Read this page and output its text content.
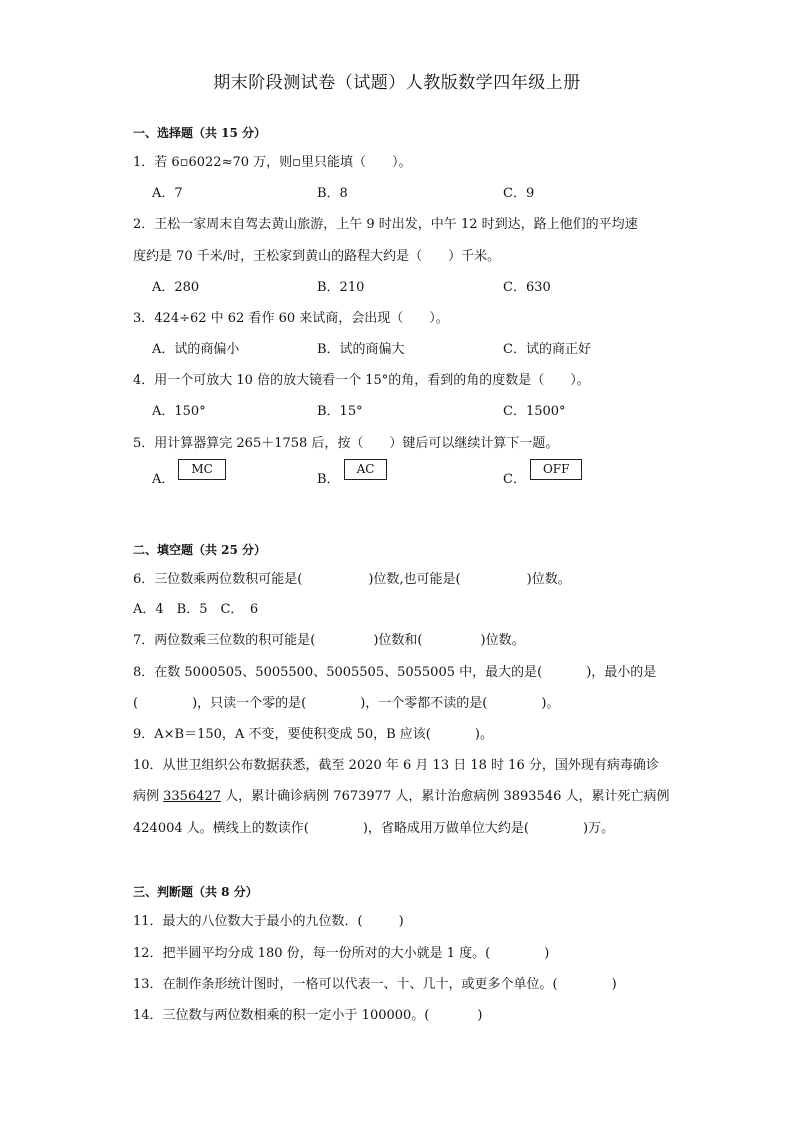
期末阶段测试卷（试题）人教版数学四年级上册
一、选择题（共 15 分）
1．若 6▫6022≈70 万，则▫里只能填（　　）。
A．7	B．8	C．9
2．王松一家周末自驾去黄山旅游，上午 9 时出发，中午 12 时到达，路上他们的平均速
度约是 70 千米/时，王松家到黄山的路程大约是（　　）千米。
A．280	B．210	C．630
3．424÷62 中 62 看作 60 来试商，会出现（　　）。
A．试的商偏小	B．试的商偏大	C．试的商正好
4．用一个可放大 10 倍的放大镜看一个 15°的角，看到的角的度数是（　　）。
A．150°	B．15°	C．1500°
5．用计算器算完 265＋1758 后，按（　　）键后可以继续计算下一题。
A．MC
B．AC
C．OFF
二、填空题（共 25 分）
6．三位数乘两位数积可能是(	)位数,也可能是(	)位数。
A．4　B．5　C．　6
7．两位数乘三位数的积可能是(	)位数和(	)位数。
8．在数 5000505、5005500、5005505、5055005 中，最大的是(	)，最小的是
(	)，只读一个零的是(	)，一个零都不读的是(	)。
9．A×B＝150，A 不变，要使积变成 50，B 应该(	)。
10．从世卫组织公布数据获悉，截至 2020 年 6 月 13 日 18 时 16 分，国外现有病毒确诊
病例 3356427 人，累计确诊病例 7673977 人，累计治愈病例 3893546 人，累计死亡病例
424004 人。横线上的数读作(	)，省略成用万做单位大约是(	)万。
三、判断题（共 8 分）
11．最大的八位数大于最小的九位数．(	)
12．把半圆平均分成 180 份，每一份所对的大小就是 1 度。(	)
13．在制作条形统计图时，一格可以代表一、十、几十，或更多个单位。(	)
14．三位数与两位数相乘的积一定小于 100000。(	)
